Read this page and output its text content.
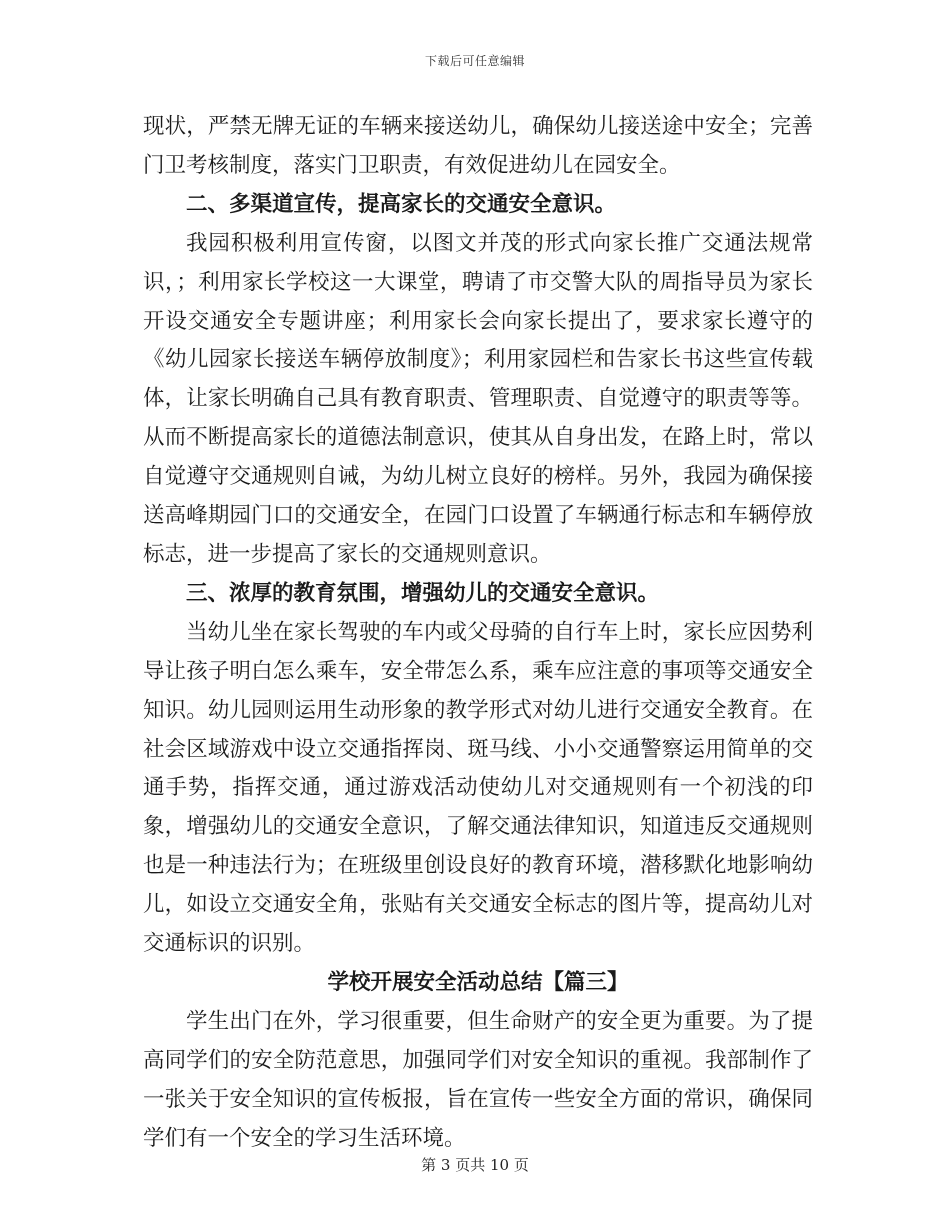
下载后可任意编辑

现状，严禁无牌无证的车辆来接送幼儿，确保幼儿接送途中安全；完善门卫考核制度，落实门卫职责，有效促进幼儿在园安全。

二、多渠道宣传，提高家长的交通安全意识。

我园积极利用宣传窗，以图文并茂的形式向家长推广交通法规常识，；利用家长学校这一大课堂，聘请了市交警大队的周指导员为家长开设交通安全专题讲座；利用家长会向家长提出了，要求家长遵守的《幼儿园家长接送车辆停放制度》；利用家园栏和告家长书这些宣传载体，让家长明确自己具有教育职责、管理职责、自觉遵守的职责等等。从而不断提高家长的道德法制意识，使其从自身出发，在路上时，常以自觉遵守交通规则自诫，为幼儿树立良好的榜样。另外，我园为确保接送高峰期园门口的交通安全，在园门口设置了车辆通行标志和车辆停放标志，进一步提高了家长的交通规则意识。

三、浓厚的教育氛围，增强幼儿的交通安全意识。

当幼儿坐在家长驾驶的车内或父母骑的自行车上时，家长应因势利导让孩子明白怎么乘车，安全带怎么系，乘车应注意的事项等交通安全知识。幼儿园则运用生动形象的教学形式对幼儿进行交通安全教育。在社会区域游戏中设立交通指挥岗、斑马线、小小交通警察运用简单的交通手势，指挥交通，通过游戏活动使幼儿对交通规则有一个初浅的印象，增强幼儿的交通安全意识，了解交通法律知识，知道违反交通规则也是一种违法行为；在班级里创设良好的教育环境，潜移默化地影响幼儿，如设立交通安全角，张贴有关交通安全标志的图片等，提高幼儿对交通标识的识别。

学校开展安全活动总结【篇三】

学生出门在外，学习很重要，但生命财产的安全更为重要。为了提高同学们的安全防范意思，加强同学们对安全知识的重视。我部制作了一张关于安全知识的宣传板报，旨在宣传一些安全方面的常识，确保同学们有一个安全的学习生活环境。

第 3 页共 10 页
